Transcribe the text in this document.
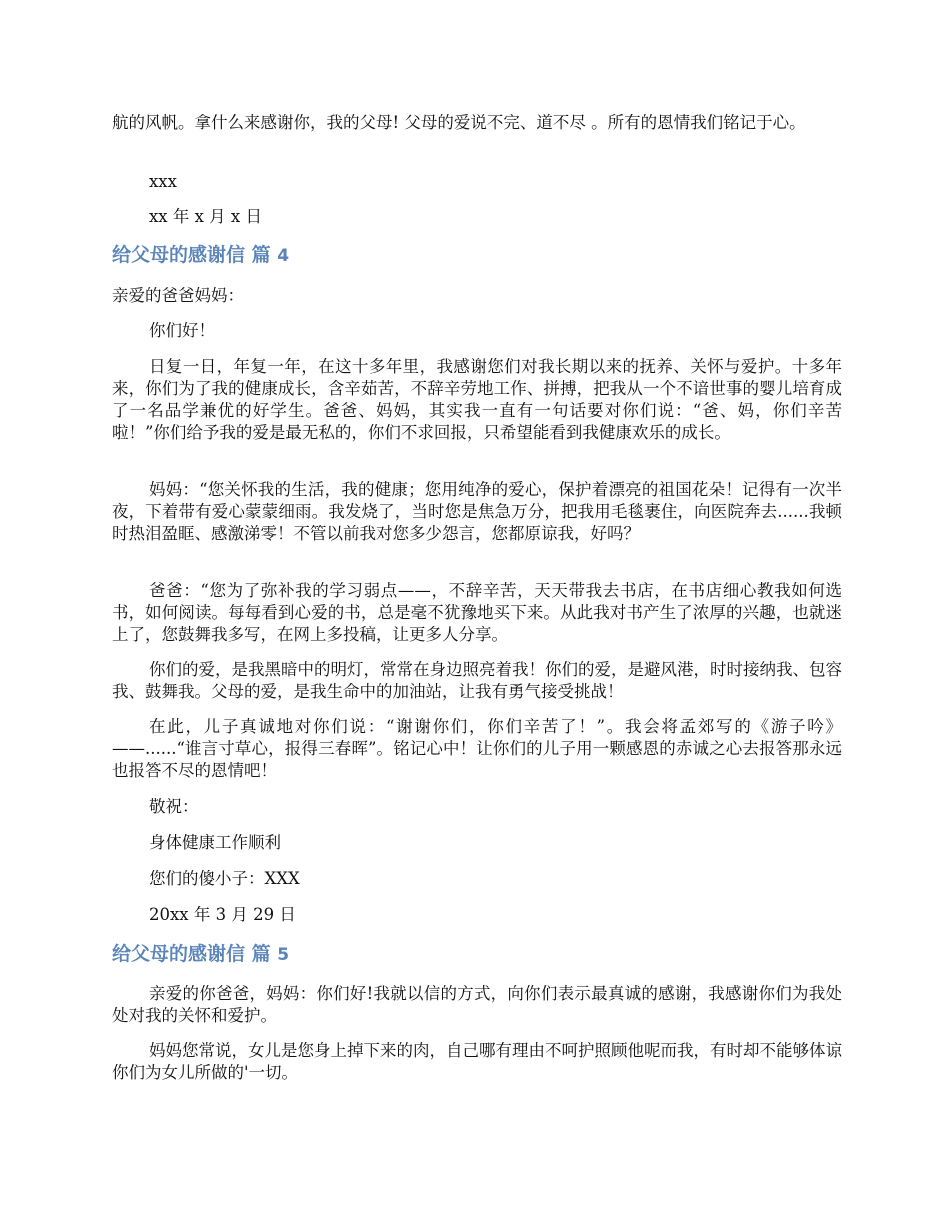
航的风帆。拿什么来感谢你，我的父母! 父母的爱说不完、道不尽 。所有的恩情我们铭记于心。

xxx

xx 年 x 月 x 日

给父母的感谢信 篇 4

亲爱的爸爸妈妈：

你们好！

日复一日，年复一年，在这十多年里，我感谢您们对我长期以来的抚养、关怀与爱护。十多年来，你们为了我的健康成长，含辛茹苦，不辞辛劳地工作、拼搏，把我从一个不谙世事的婴儿培育成了一名品学兼优的好学生。爸爸、妈妈，其实我一直有一句话要对你们说：“爸、妈，你们辛苦啦！”你们给予我的爱是最无私的，你们不求回报，只希望能看到我健康欢乐的成长。

妈妈：“您关怀我的生活，我的健康；您用纯净的爱心，保护着漂亮的祖国花朵！记得有一次半夜，下着带有爱心蒙蒙细雨。我发烧了，当时您是焦急万分，把我用毛毯裹住，向医院奔去......我顿时热泪盈眶、感激涕零！不管以前我对您多少怨言，您都原谅我，好吗？

爸爸：“您为了弥补我的学习弱点——，不辞辛苦，天天带我去书店，在书店细心教我如何选书，如何阅读。每每看到心爱的书，总是毫不犹豫地买下来。从此我对书产生了浓厚的兴趣，也就迷上了，您鼓舞我多写，在网上多投稿，让更多人分享。

你们的爱，是我黑暗中的明灯，常常在身边照亮着我！你们的爱，是避风港，时时接纳我、包容我、鼓舞我。父母的爱，是我生命中的加油站，让我有勇气接受挑战！

在此，儿子真诚地对你们说：“谢谢你们，你们辛苦了！”。我会将孟郊写的《游子吟》——......“谁言寸草心，报得三春晖”。铭记心中！让你们的儿子用一颗感恩的赤诚之心去报答那永远也报答不尽的恩情吧！

敬祝：

身体健康工作顺利

您们的傻小子：XXX

20xx 年 3 月 29 日

给父母的感谢信 篇 5

亲爱的你爸爸，妈妈：你们好!我就以信的方式，向你们表示最真诚的感谢，我感谢你们为我处处对我的关怀和爱护。

妈妈您常说，女儿是您身上掉下来的肉，自己哪有理由不呵护照顾他呢而我，有时却不能够体谅你们为女儿所做的'一切。
